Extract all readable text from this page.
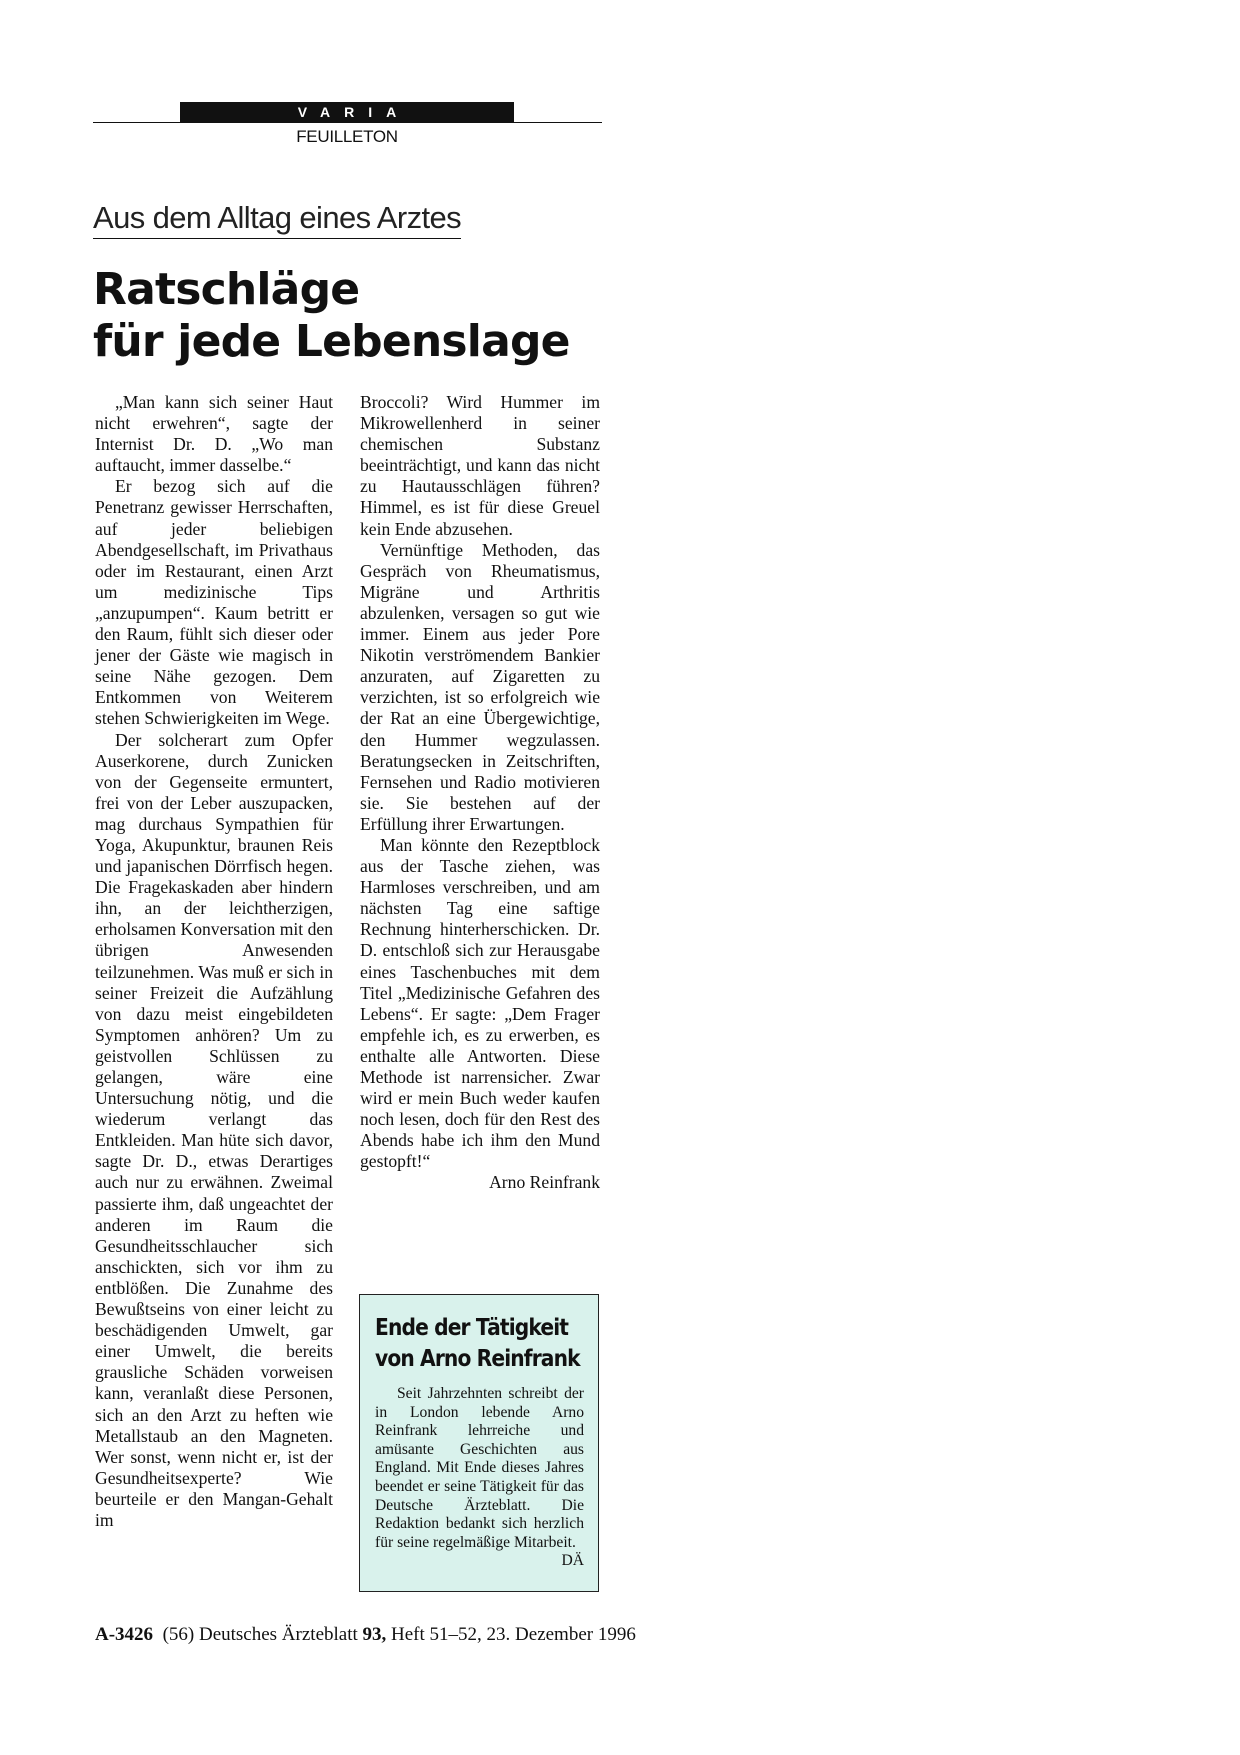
VARIA
FEUILLETON
Aus dem Alltag eines Arztes
Ratschläge
für jede Lebenslage

„Man kann sich seiner Haut nicht erwehren“, sagte der Internist Dr. D. „Wo man auftaucht, immer dasselbe.“

Er bezog sich auf die Penetranz gewisser Herrschaften, auf jeder beliebigen Abendgesellschaft, im Privathaus oder im Restaurant, einen Arzt um medizinische Tips „anzupumpen“. Kaum betritt er den Raum, fühlt sich dieser oder jener der Gäste wie magisch in seine Nähe gezogen. Dem Entkommen von Weiterem stehen Schwierigkeiten im Wege.

Der solcherart zum Opfer Auserkorene, durch Zunicken von der Gegenseite ermuntert, frei von der Leber auszupacken, mag durchaus Sympathien für Yoga, Akupunktur, braunen Reis und japanischen Dörrfisch hegen. Die Fragekaskaden aber hindern ihn, an der leichtherzigen, erholsamen Konversation mit den übrigen Anwesenden teilzunehmen. Was muß er sich in seiner Freizeit die Aufzählung von dazu meist eingebildeten Symptomen anhören? Um zu geistvollen Schlüssen zu gelangen, wäre eine Untersuchung nötig, und die wiederum verlangt das Entkleiden. Man hüte sich davor, sagte Dr. D., etwas Derartiges auch nur zu erwähnen. Zweimal passierte ihm, daß ungeachtet der anderen im Raum die Gesundheitsschlaucher sich anschickten, sich vor ihm zu entblößen. Die Zunahme des Bewußtseins von einer leicht zu beschädigenden Umwelt, gar einer Umwelt, die bereits grausliche Schäden vorweisen kann, veranlaßt diese Personen, sich an den Arzt zu heften wie Metallstaub an den Magneten. Wer sonst, wenn nicht er, ist der Gesundheitsexperte? Wie beurteile er den Mangan-Gehalt im

Broccoli? Wird Hummer im Mikrowellenherd in seiner chemischen Substanz beeinträchtigt, und kann das nicht zu Hautausschlägen führen? Himmel, es ist für diese Greuel kein Ende abzusehen.

Vernünftige Methoden, das Gespräch von Rheumatismus, Migräne und Arthritis abzulenken, versagen so gut wie immer. Einem aus jeder Pore Nikotin verströmendem Bankier anzuraten, auf Zigaretten zu verzichten, ist so erfolgreich wie der Rat an eine Übergewichtige, den Hummer wegzulassen. Beratungsecken in Zeitschriften, Fernsehen und Radio motivieren sie. Sie bestehen auf der Erfüllung ihrer Erwartungen.

Man könnte den Rezeptblock aus der Tasche ziehen, was Harmloses verschreiben, und am nächsten Tag eine saftige Rechnung hinterherschicken. Dr. D. entschloß sich zur Herausgabe eines Taschenbuches mit dem Titel „Medizinische Gefahren des Lebens“. Er sagte: „Dem Frager empfehle ich, es zu erwerben, es enthalte alle Antworten. Diese Methode ist narrensicher. Zwar wird er mein Buch weder kaufen noch lesen, doch für den Rest des Abends habe ich ihm den Mund gestopft!“
Arno Reinfrank

Ende der Tätigkeit
von Arno Reinfrank
Seit Jahrzehnten schreibt der in London lebende Arno Reinfrank lehrreiche und amüsante Geschichten aus England. Mit Ende dieses Jahres beendet er seine Tätigkeit für das Deutsche Ärzteblatt. Die Redaktion bedankt sich herzlich für seine regelmäßige Mitarbeit.
DÄ
A-3426 (56) Deutsches Ärzteblatt 93, Heft 51–52, 23. Dezember 1996
